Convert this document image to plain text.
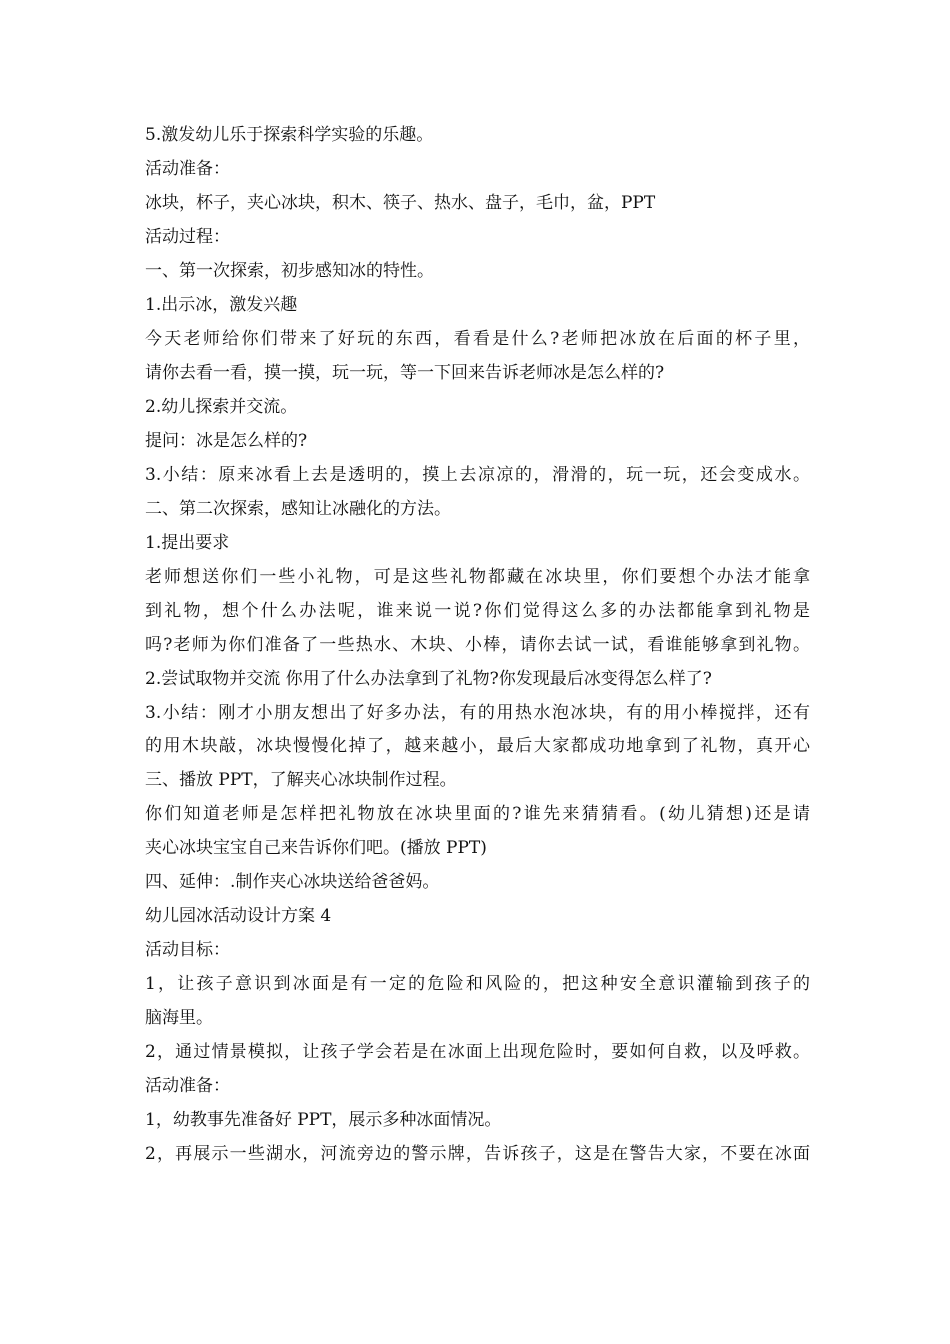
5.激发幼儿乐于探索科学实验的乐趣。
活动准备：
冰块，杯子，夹心冰块，积木、筷子、热水、盘子，毛巾，盆，PPT
活动过程：
一、第一次探索，初步感知冰的特性。
1.出示冰，激发兴趣
今天老师给你们带来了好玩的东西，看看是什么?老师把冰放在后面的杯子里，
请你去看一看，摸一摸，玩一玩，等一下回来告诉老师冰是怎么样的?
2.幼儿探索并交流。
提问：冰是怎么样的?
3.小结：原来冰看上去是透明的，摸上去凉凉的，滑滑的，玩一玩，还会变成水。
二、第二次探索，感知让冰融化的方法。
1.提出要求
老师想送你们一些小礼物，可是这些礼物都藏在冰块里，你们要想个办法才能拿
到礼物，想个什么办法呢，谁来说一说?你们觉得这么多的办法都能拿到礼物是
吗?老师为你们准备了一些热水、木块、小棒，请你去试一试，看谁能够拿到礼物。
2.尝试取物并交流 你用了什么办法拿到了礼物?你发现最后冰变得怎么样了?
3.小结：刚才小朋友想出了好多办法，有的用热水泡冰块，有的用小棒搅拌，还有
的用木块敲，冰块慢慢化掉了，越来越小，最后大家都成功地拿到了礼物，真开心
三、播放 PPT，了解夹心冰块制作过程。
你们知道老师是怎样把礼物放在冰块里面的?谁先来猜猜看。(幼儿猜想)还是请
夹心冰块宝宝自己来告诉你们吧。(播放 PPT)
四、延伸：.制作夹心冰块送给爸爸妈。
幼儿园冰活动设计方案 4
活动目标：
1，让孩子意识到冰面是有一定的危险和风险的，把这种安全意识灌输到孩子的
脑海里。
2，通过情景模拟，让孩子学会若是在冰面上出现危险时，要如何自救，以及呼救。
活动准备：
1，幼教事先准备好 PPT，展示多种冰面情况。
2，再展示一些湖水，河流旁边的警示牌，告诉孩子，这是在警告大家，不要在冰面
